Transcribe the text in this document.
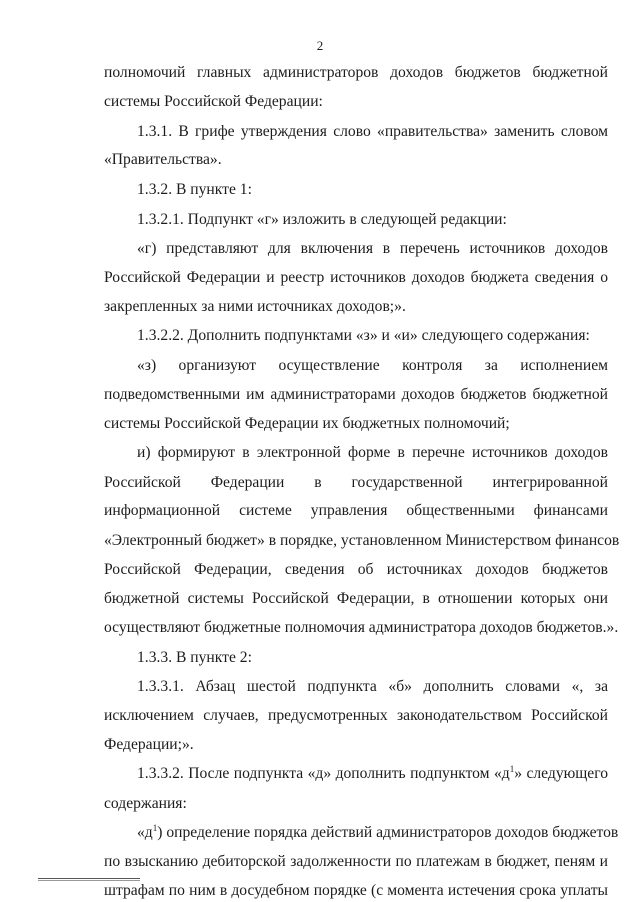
2
полномочий главных администраторов доходов бюджетов бюджетной
системы Российской Федерации:
1.3.1. В грифе утверждения слово «правительства» заменить словом
«Правительства».
1.3.2. В пункте 1:
1.3.2.1. Подпункт «г» изложить в следующей редакции:
«г) представляют для включения в перечень источников доходов
Российской Федерации и реестр источников доходов бюджета сведения о
закрепленных за ними источниках доходов;».
1.3.2.2. Дополнить подпунктами «з» и «и» следующего содержания:
«з) организуют осуществление контроля за исполнением
подведомственными им администраторами доходов бюджетов бюджетной
системы Российской Федерации их бюджетных полномочий;
и) формируют в электронной форме в перечне источников доходов
Российской Федерации в государственной интегрированной
информационной системе управления общественными финансами
«Электронный бюджет» в порядке, установленном Министерством финансов
Российской Федерации, сведения об источниках доходов бюджетов
бюджетной системы Российской Федерации, в отношении которых они
осуществляют бюджетные полномочия администратора доходов бюджетов.».
1.3.3. В пункте 2:
1.3.3.1. Абзац шестой подпункта «б» дополнить словами «, за
исключением случаев, предусмотренных законодательством Российской
Федерации;».
1.3.3.2. После подпункта «д» дополнить подпунктом «$д^1$» следующего
содержания:
«$д^1$) определение порядка действий администраторов доходов бюджетов
по взысканию дебиторской задолженности по платежам в бюджет, пеням и
штрафам по ним в досудебном порядке (с момента истечения срока уплаты
